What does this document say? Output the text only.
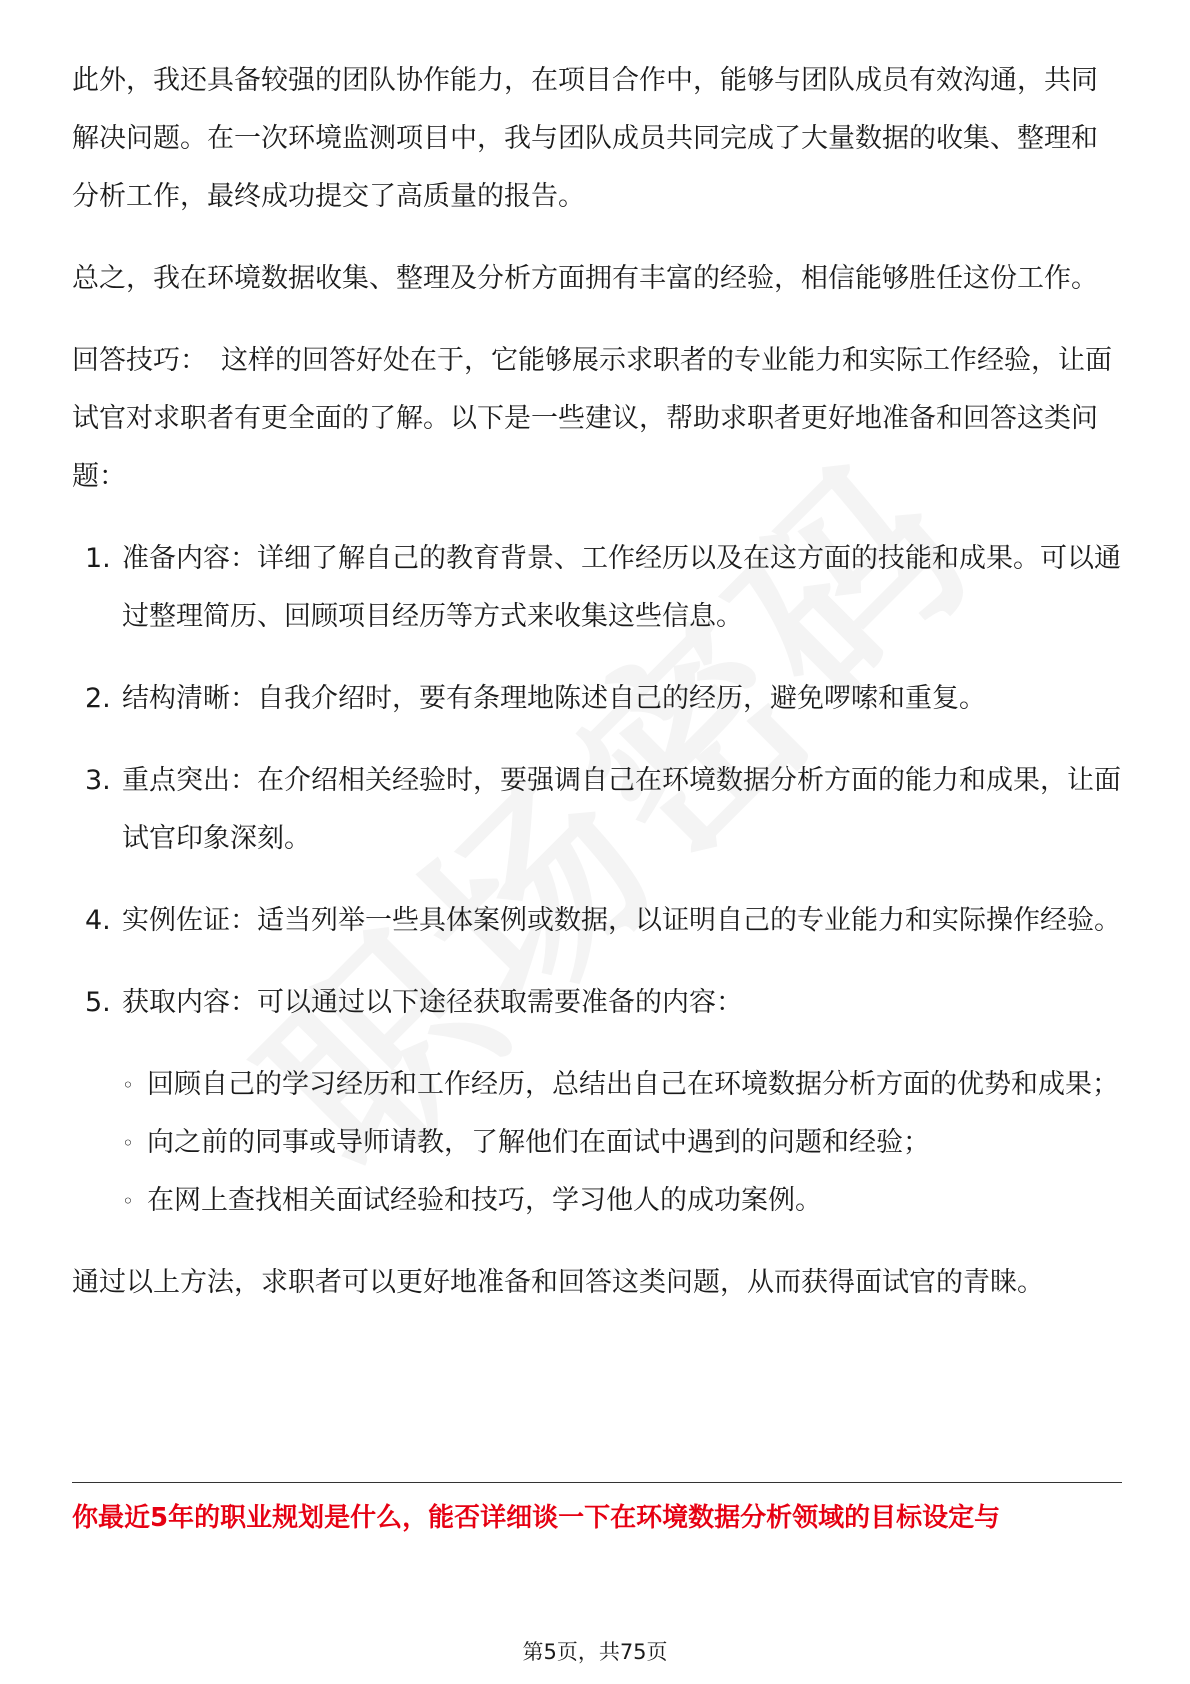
此外，我还具备较强的团队协作能力，在项目合作中，能够与团队成员有效沟通，共同解决问题。在一次环境监测项目中，我与团队成员共同完成了大量数据的收集、整理和分析工作，最终成功提交了高质量的报告。

总之，我在环境数据收集、整理及分析方面拥有丰富的经验，相信能够胜任这份工作。

回答技巧： 这样的回答好处在于，它能够展示求职者的专业能力和实际工作经验，让面试官对求职者有更全面的了解。以下是一些建议，帮助求职者更好地准备和回答这类问题：

1. 准备内容：详细了解自己的教育背景、工作经历以及在这方面的技能和成果。可以通过整理简历、回顾项目经历等方式来收集这些信息。
2. 结构清晰：自我介绍时，要有条理地陈述自己的经历，避免啰嗦和重复。
3. 重点突出：在介绍相关经验时，要强调自己在环境数据分析方面的能力和成果，让面试官印象深刻。
4. 实例佐证：适当列举一些具体案例或数据，以证明自己的专业能力和实际操作经验。
5. 获取内容：可以通过以下途径获取需要准备的内容：
◦ 回顾自己的学习经历和工作经历，总结出自己在环境数据分析方面的优势和成果；
◦ 向之前的同事或导师请教，了解他们在面试中遇到的问题和经验；
◦ 在网上查找相关面试经验和技巧，学习他人的成功案例。

通过以上方法，求职者可以更好地准备和回答这类问题，从而获得面试官的青睐。

你最近5年的职业规划是什么，能否详细谈一下在环境数据分析领域的目标设定与
第5页，共75页
